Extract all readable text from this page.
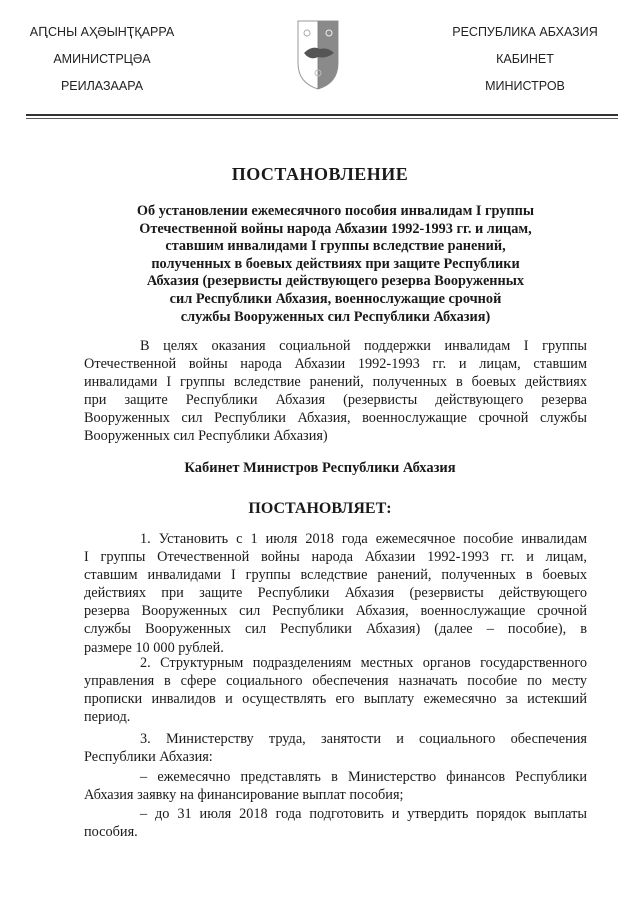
АԤСНЫ АҲӘЫНҬҚАРРА
АМИНИСТРЦӘА
РЕИЛАЗААРА
РЕСПУБЛИКА АБХАЗИЯ
КАБИНЕТ
МИНИСТРОВ
ПОСТАНОВЛЕНИЕ
Об установлении ежемесячного пособия инвалидам I группы
Отечественной войны народа Абхазии 1992-1993 гг. и лицам,
ставшим инвалидами I группы вследствие ранений,
полученных в боевых действиях при защите Республики
Абхазия (резервисты действующего резерва Вооруженных
сил Республики Абхазия, военнослужащие срочной
службы Вооруженных сил Республики Абхазия)
В целях оказания социальной поддержки инвалидам I группы
Отечественной войны народа Абхазии 1992-1993 гг. и лицам, ставшим
инвалидами I группы вследствие ранений, полученных в боевых действиях
при защите Республики Абхазия (резервисты действующего резерва
Вооруженных сил Республики Абхазия, военнослужащие срочной службы
Вооруженных сил Республики Абхазия)
Кабинет Министров Республики Абхазия
ПОСТАНОВЛЯЕТ:
1. Установить с 1 июля 2018 года ежемесячное пособие инвалидам
I группы Отечественной войны народа Абхазии 1992-1993 гг. и лицам,
ставшим инвалидами I группы вследствие ранений, полученных в боевых
действиях при защите Республики Абхазия (резервисты действующего
резерва Вооруженных сил Республики Абхазия, военнослужащие срочной
службы Вооруженных сил Республики Абхазия) (далее – пособие), в
размере 10 000 рублей.
2. Структурным подразделениям местных органов государственного
управления в сфере социального обеспечения назначать пособие по месту
прописки инвалидов и осуществлять его выплату ежемесячно за истекший
период.
3. Министерству труда, занятости и социального обеспечения
Республики Абхазия:
– ежемесячно представлять в Министерство финансов Республики
Абхазия заявку на финансирование выплат пособия;
– до 31 июля 2018 года подготовить и утвердить порядок выплаты
пособия.
